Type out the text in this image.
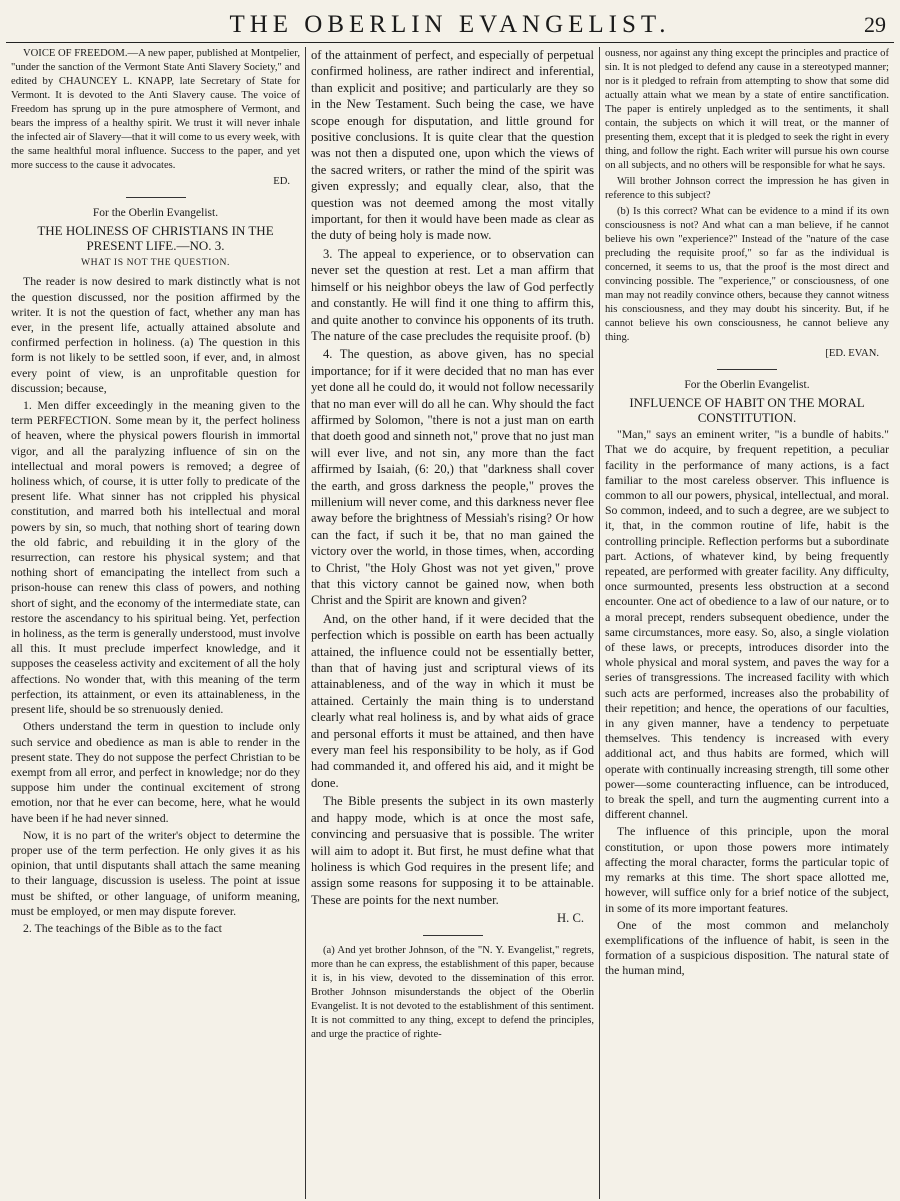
THE OBERLIN EVANGELIST.	29

VOICE OF FREEDOM.—A new paper, published at Montpelier, "under the sanction of the Vermont State Anti Slavery Society," and edited by CHAUNCEY L. KNAPP, late Secretary of State for Vermont. It is devoted to the Anti Slavery cause. The voice of Freedom has sprung up in the pure atmosphere of Vermont, and bears the impress of a healthy spirit. We trust it will never inhale the infected air of Slavery—that it will come to us every week, with the same healthful moral influence. Success to the paper, and yet more success to the cause it advocates.

ED.

For the Oberlin Evangelist.

THE HOLINESS OF CHRISTIANS IN THE PRESENT LIFE.—NO. 3.

WHAT IS NOT THE QUESTION.

The reader is now desired to mark distinctly what is not the question discussed, nor the position affirmed by the writer. It is not the question of fact, whether any man has ever, in the present life, actually attained absolute and confirmed perfection in holiness. (a) The question in this form is not likely to be settled soon, if ever, and, in almost every point of view, is an unprofitable question for discussion; because,

1. Men differ exceedingly in the meaning given to the term PERFECTION. Some mean by it, the perfect holiness of heaven, where the physical powers flourish in immortal vigor, and all the paralyzing influence of sin on the intellectual and moral powers is removed; a degree of holiness which, of course, it is utter folly to predicate of the present life. What sinner has not crippled his physical constitution, and marred both his intellectual and moral powers by sin, so much, that nothing short of tearing down the old fabric, and rebuilding it in the glory of the resurrection, can restore his physical system; and that nothing short of emancipating the intellect from such a prison-house can renew this class of powers, and nothing short of sight, and the economy of the intermediate state, can restore the ascendancy to his spiritual being. Yet, perfection in holiness, as the term is generally understood, must involve all this. It must preclude imperfect knowledge, and it supposes the ceaseless activity and excitement of all the holy affections. No wonder that, with this meaning of the term perfection, its attainment, or even its attainableness, in the present life, should be so strenuously denied.

Others understand the term in question to include only such service and obedience as man is able to render in the present state. They do not suppose the perfect Christian to be exempt from all error, and perfect in knowledge; nor do they suppose him under the continual excitement of strong emotion, nor that he ever can become, here, what he would have been if he had never sinned.

Now, it is no part of the writer's object to determine the proper use of the term perfection. He only gives it as his opinion, that until disputants shall attach the same meaning to their language, discussion is useless. The point at issue must be shifted, or other language, of uniform meaning, must be employed, or men may dispute forever.

2. The teachings of the Bible as to the fact

of the attainment of perfect, and especially of perpetual confirmed holiness, are rather indirect and inferential, than explicit and positive; and particularly are they so in the New Testament. Such being the case, we have scope enough for disputation, and little ground for positive conclusions. It is quite clear that the question was not then a disputed one, upon which the views of the sacred writers, or rather the mind of the spirit was given expressly; and equally clear, also, that the question was not deemed among the most vitally important, for then it would have been made as clear as the duty of being holy is made now.

3. The appeal to experience, or to observation can never set the question at rest. Let a man affirm that himself or his neighbor obeys the law of God perfectly and constantly. He will find it one thing to affirm this, and quite another to convince his opponents of its truth. The nature of the case precludes the requisite proof. (b)

4. The question, as above given, has no special importance; for if it were decided that no man has ever yet done all he could do, it would not follow necessarily that no man ever will do all he can. Why should the fact affirmed by Solomon, "there is not a just man on earth that doeth good and sinneth not," prove that no just man will ever live, and not sin, any more than the fact affirmed by Isaiah, (6: 20,) that "darkness shall cover the earth, and gross darkness the people," proves the millenium will never come, and this darkness never flee away before the brightness of Messiah's rising? Or how can the fact, if such it be, that no man gained the victory over the world, in those times, when, according to Christ, "the Holy Ghost was not yet given," prove that this victory cannot be gained now, when both Christ and the Spirit are known and given?

And, on the other hand, if it were decided that the perfection which is possible on earth has been actually attained, the influence could not be essentially better, than that of having just and scriptural views of its attainableness, and of the way in which it must be attained. Certainly the main thing is to understand clearly what real holiness is, and by what aids of grace and personal efforts it must be attained, and then have every man feel his responsibility to be holy, as if God had commanded it, and offered his aid, and it might be done.

The Bible presents the subject in its own masterly and happy mode, which is at once the most safe, convincing and persuasive that is possible. The writer will aim to adopt it. But first, he must define what that holiness is which God requires in the present life; and assign some reasons for supposing it to be attainable. These are points for the next number.

H. C.

(a) And yet brother Johnson, of the "N. Y. Evangelist," regrets, more than he can express, the establishment of this paper, because it is, in his view, devoted to the dissemination of this error. Brother Johnson misunderstands the object of the Oberlin Evangelist. It is not devoted to the establishment of this sentiment. It is not committed to any thing, except to defend the principles, and urge the practice of righte-

ousness, nor against any thing except the principles and practice of sin. It is not pledged to defend any cause in a stereotyped manner; nor is it pledged to refrain from attempting to show that some did actually attain what we mean by a state of entire sanctification. The paper is entirely unpledged as to the sentiments, it shall contain, the subjects on which it will treat, or the manner of presenting them, except that it is pledged to seek the right in every thing, and follow the right. Each writer will pursue his own course on all subjects, and no others will be responsible for what he says.

Will brother Johnson correct the impression he has given in reference to this subject?

(b) Is this correct? What can be evidence to a mind if its own consciousness is not? And what can a man believe, if he cannot believe his own "experience?" Instead of the "nature of the case precluding the requisite proof," so far as the individual is concerned, it seems to us, that the proof is the most direct and convincing possible. The "experience," or consciousness, of one man may not readily convince others, because they cannot witness his consciousness, and they may doubt his sincerity. But, if he cannot believe his own consciousness, he cannot believe any thing.

[ED. EVAN.

For the Oberlin Evangelist.

INFLUENCE OF HABIT ON THE MORAL CONSTITUTION.

"Man," says an eminent writer, "is a bundle of habits." That we do acquire, by frequent repetition, a peculiar facility in the performance of many actions, is a fact familiar to the most careless observer. This influence is common to all our powers, physical, intellectual, and moral. So common, indeed, and to such a degree, are we subject to it, that, in the common routine of life, habit is the controlling principle. Reflection performs but a subordinate part. Actions, of whatever kind, by being frequently repeated, are performed with greater facility. Any difficulty, once surmounted, presents less obstruction at a second encounter. One act of obedience to a law of our nature, or to a moral precept, renders subsequent obedience, under the same circumstances, more easy. So, also, a single violation of these laws, or precepts, introduces disorder into the whole physical and moral system, and paves the way for a series of transgressions. The increased facility with which such acts are performed, increases also the probability of their repetition; and hence, the operations of our faculties, in any given manner, have a tendency to perpetuate themselves. This tendency is increased with every additional act, and thus habits are formed, which will operate with continually increasing strength, till some other power—some counteracting influence, can be introduced, to break the spell, and turn the augmenting current into a different channel.

The influence of this principle, upon the moral constitution, or upon those powers more intimately affecting the moral character, forms the particular topic of my remarks at this time. The short space allotted me, however, will suffice only for a brief notice of the subject, in some of its more important features.

One of the most common and melancholy exemplifications of the influence of habit, is seen in the formation of a suspicious disposition. The natural state of the human mind,
